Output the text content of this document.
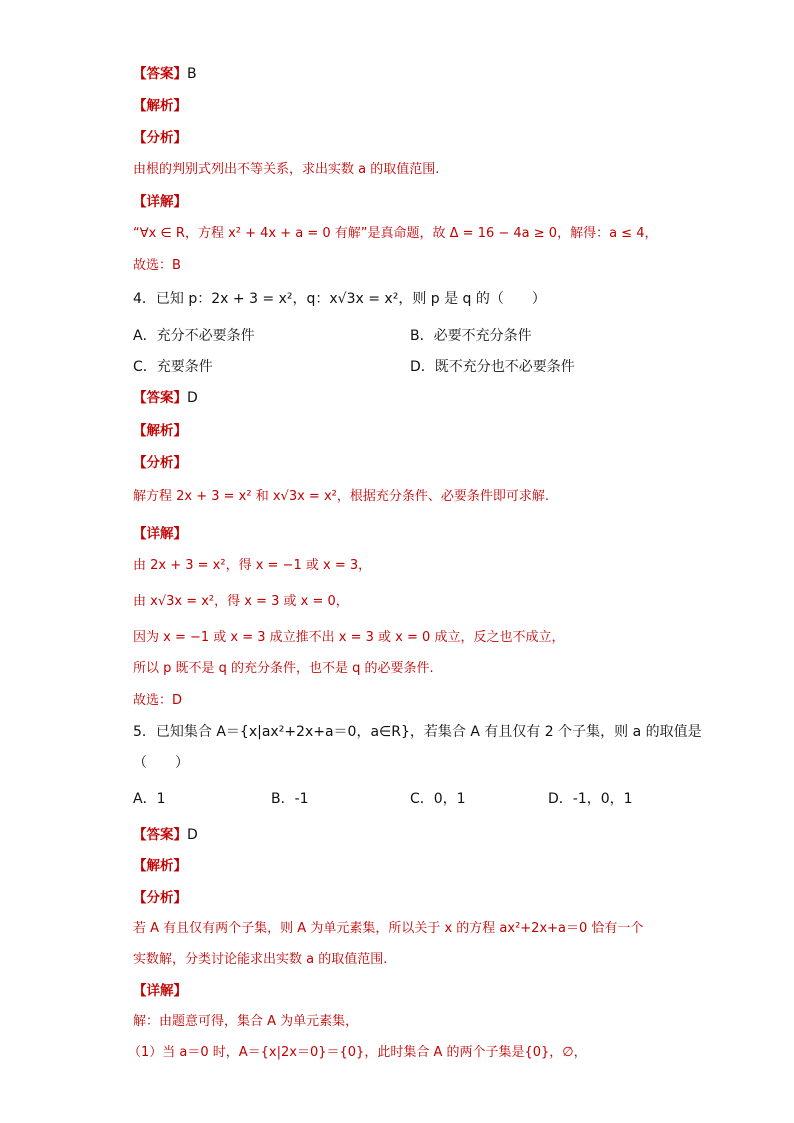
【答案】B
【解析】
【分析】
由根的判别式列出不等关系，求出实数 a 的取值范围.
【详解】
“∀x ∈ R，方程 x² + 4x + a = 0 有解”是真命题，故 Δ = 16 − 4a ≥ 0，解得：a ≤ 4，
故选：B
4．已知 p：2x + 3 = x²，q：x√3x = x²，则 p 是 q 的（　　）
A．充分不必要条件	B．必要不充分条件
C．充要条件	D．既不充分也不必要条件
【答案】D
【解析】
【分析】
解方程 2x + 3 = x² 和 x√3x = x²，根据充分条件、必要条件即可求解.
【详解】
由 2x + 3 = x²，得 x = −1 或 x = 3，
由 x√3x = x²，得 x = 3 或 x = 0，
因为 x = −1 或 x = 3 成立推不出 x = 3 或 x = 0 成立，反之也不成立，
所以 p 既不是 q 的充分条件，也不是 q 的必要条件.
故选：D
5．已知集合 A＝{x|ax²+2x+a＝0，a∈R}，若集合 A 有且仅有 2 个子集，则 a 的取值是
（　　）
A．1	B．-1	C．0，1	D．-1，0，1
【答案】D
【解析】
【分析】
若 A 有且仅有两个子集，则 A 为单元素集，所以关于 x 的方程 ax²+2x+a＝0 恰有一个
实数解，分类讨论能求出实数 a 的取值范围.
【详解】
解：由题意可得，集合 A 为单元素集，
（1）当 a＝0 时，A＝{x|2x＝0}＝{0}，此时集合 A 的两个子集是{0}，∅，
